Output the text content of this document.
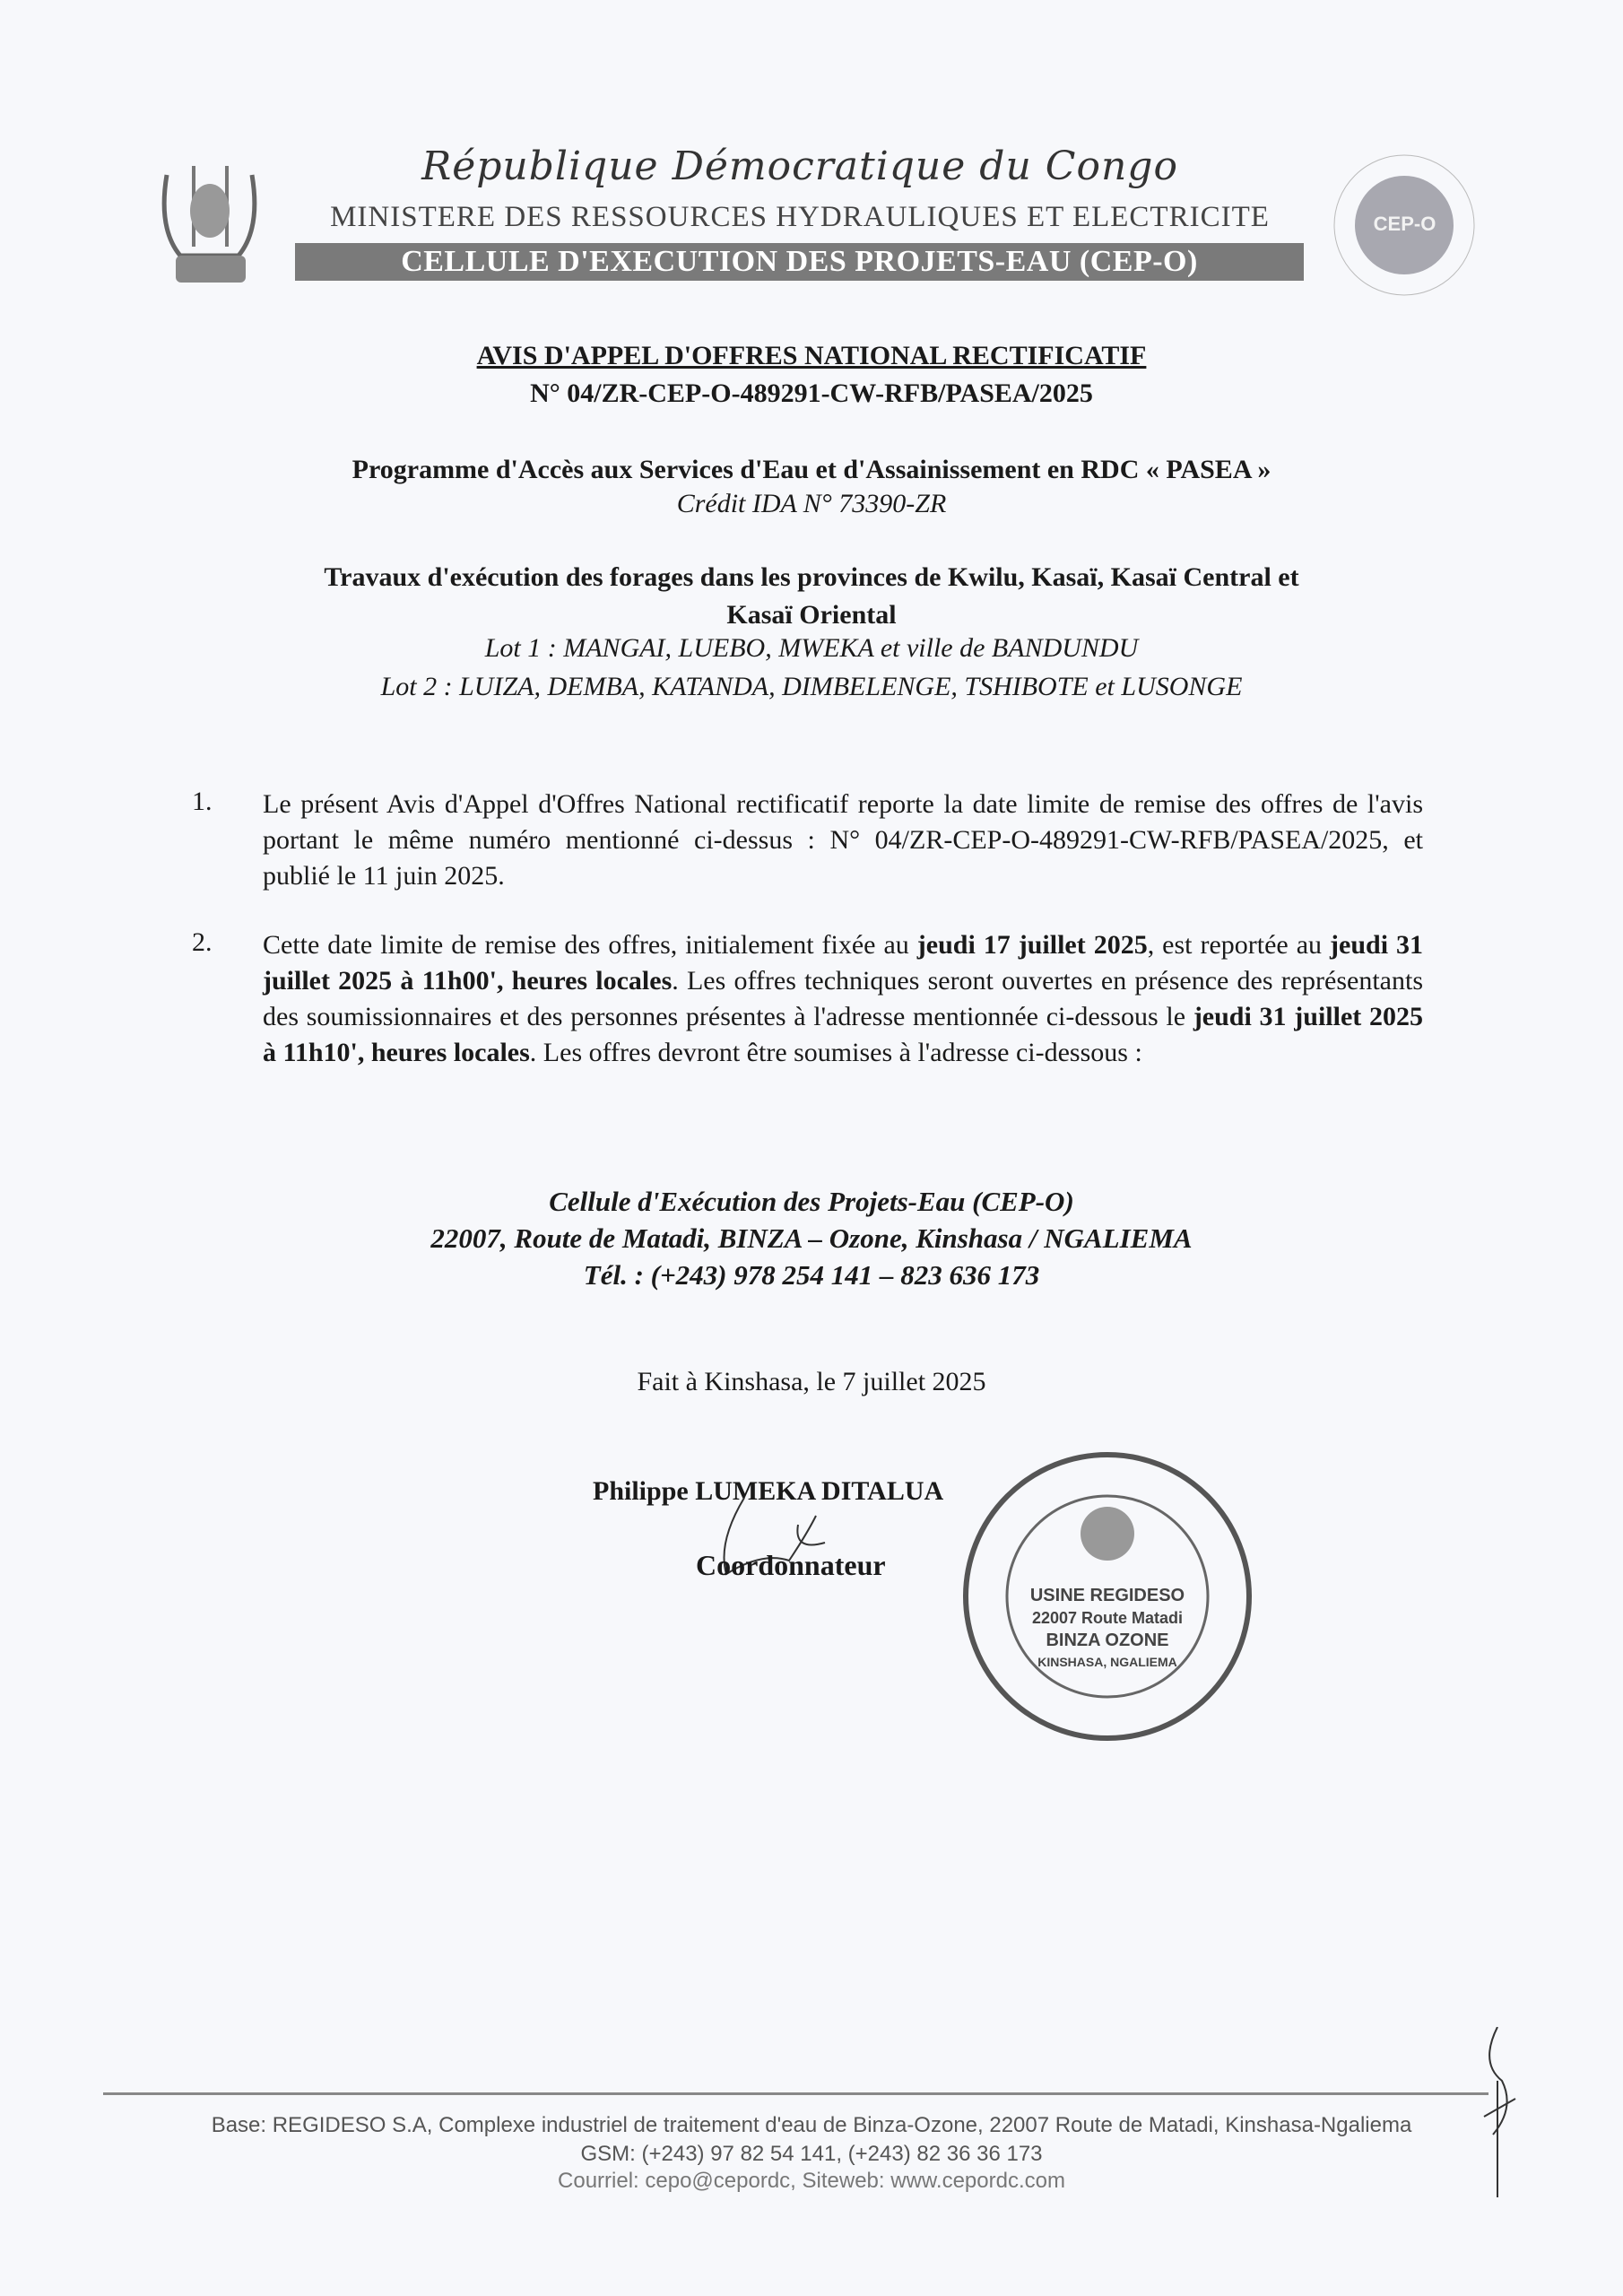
République Démocratique du Congo
MINISTERE DES RESSOURCES HYDRAULIQUES ET ELECTRICITE
CELLULE D'EXECUTION DES PROJETS-EAU (CEP-O)
CEP-O
AVIS D'APPEL D'OFFRES NATIONAL RECTIFICATIF
N° 04/ZR-CEP-O-489291-CW-RFB/PASEA/2025
Programme d'Accès aux Services d'Eau et d'Assainissement en RDC « PASEA »
Crédit IDA N° 73390-ZR
Travaux d'exécution des forages dans les provinces de Kwilu, Kasaï, Kasaï Central et
Kasaï Oriental
Lot 1 : MANGAI, LUEBO, MWEKA et ville de BANDUNDU
Lot 2 : LUIZA, DEMBA, KATANDA, DIMBELENGE, TSHIBOTE et LUSONGE
1. Le présent Avis d'Appel d'Offres National rectificatif reporte la date limite de remise des offres de l'avis portant le même numéro mentionné ci-dessus : N° 04/ZR-CEP-O-489291-CW-RFB/PASEA/2025, et publié le 11 juin 2025.
2. Cette date limite de remise des offres, initialement fixée au jeudi 17 juillet 2025, est reportée au jeudi 31 juillet 2025 à 11h00', heures locales. Les offres techniques seront ouvertes en présence des représentants des soumissionnaires et des personnes présentes à l'adresse mentionnée ci-dessous le jeudi 31 juillet 2025 à 11h10', heures locales. Les offres devront être soumises à l'adresse ci-dessous :
Cellule d'Exécution des Projets-Eau (CEP-O)
22007, Route de Matadi, BINZA – Ozone, Kinshasa / NGALIEMA
Tél. : (+243) 978 254 141 – 823 636 173
Fait à Kinshasa, le 7 juillet 2025
Philippe LUMEKA DITALUA
Coordonnateur
USINE REGIDESO
22007 Route Matadi
BINZA OZONE
KINSHASA, NGALIEMA
Base: REGIDESO S.A, Complexe industriel de traitement d'eau de Binza-Ozone, 22007 Route de Matadi, Kinshasa-Ngaliema
GSM: (+243) 97 82 54 141, (+243) 82 36 36 173
Courriel: cepo@cepordc, Siteweb: www.cepordc.com
